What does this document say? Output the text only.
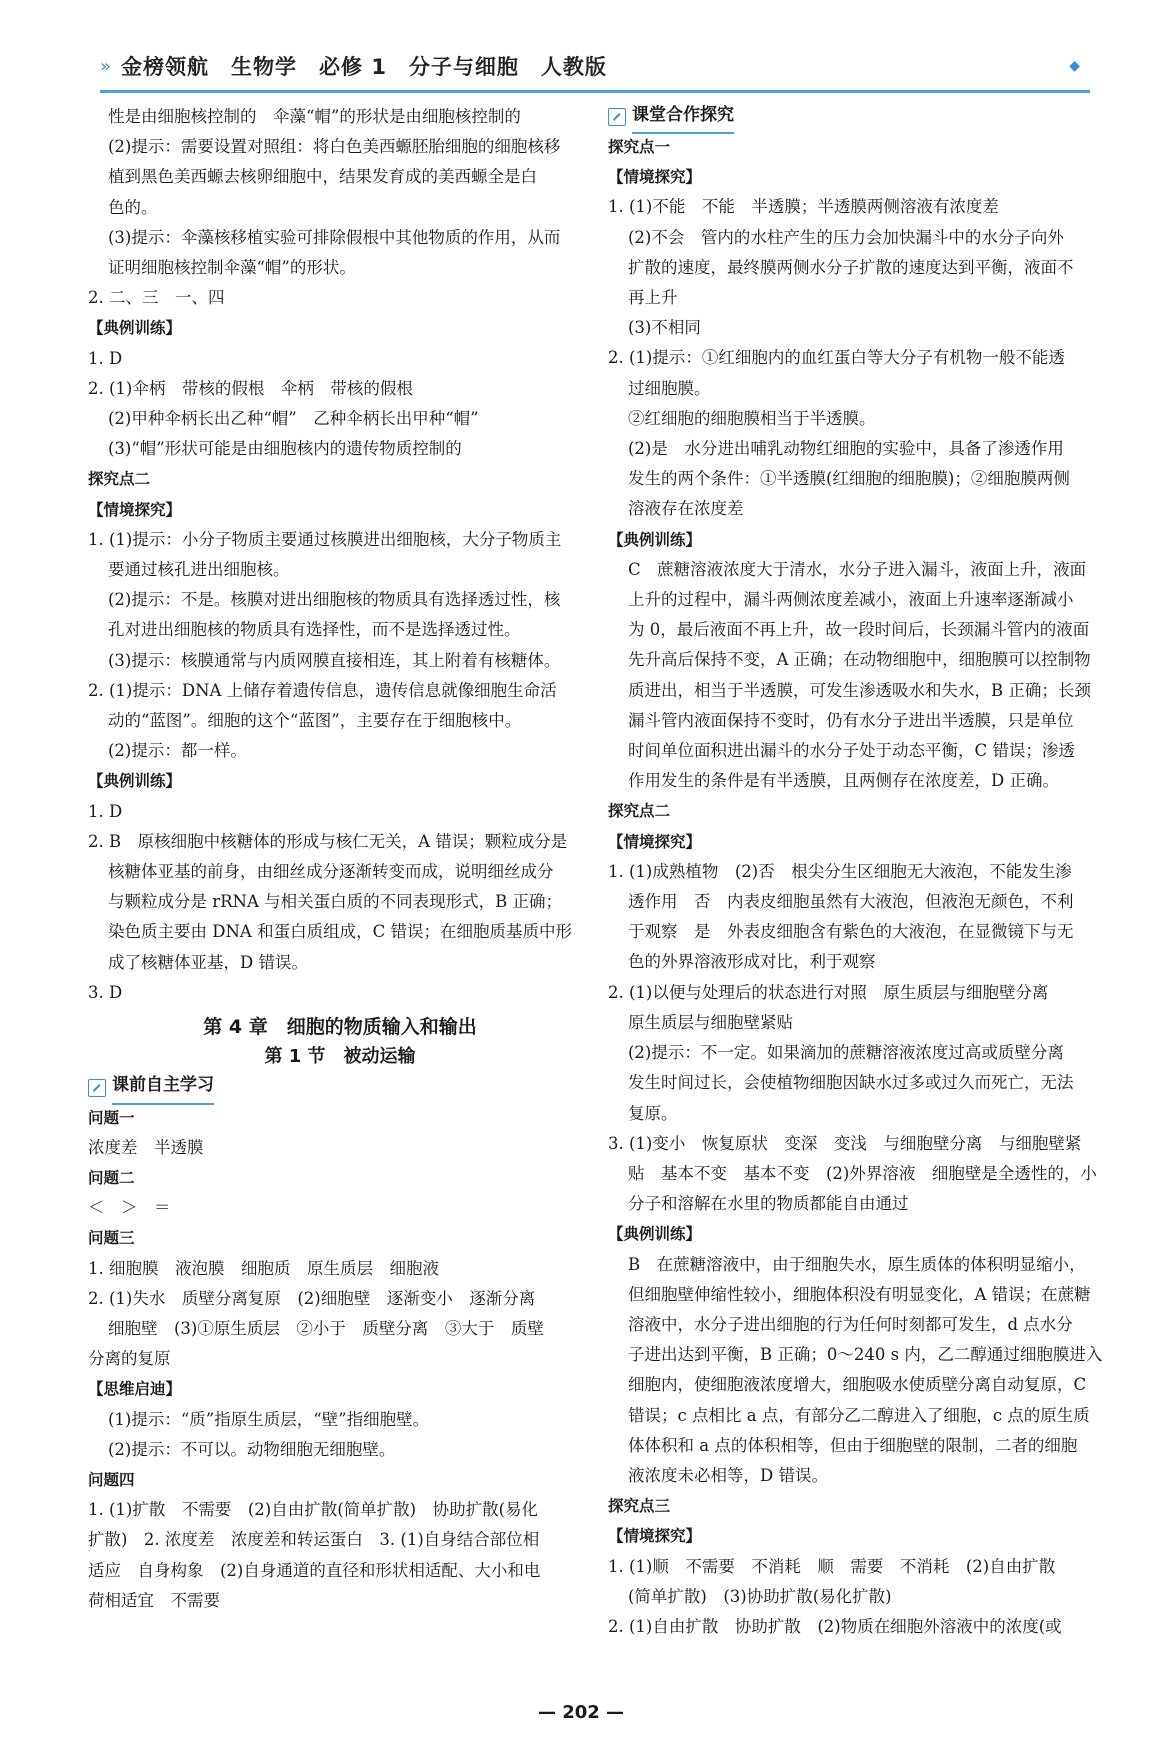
» 金榜领航　生物学　必修 1　分子与细胞　人教版	◆
性是由细胞核控制的　伞藻“帽”的形状是由细胞核控制的
(2)提示：需要设置对照组：将白色美西螈胚胎细胞的细胞核移
植到黑色美西螈去核卵细胞中，结果发育成的美西螈全是白
色的。
(3)提示：伞藻核移植实验可排除假根中其他物质的作用，从而
证明细胞核控制伞藻“帽”的形状。
2. 二、三　一、四
【典例训练】
1. D
2. (1)伞柄　带核的假根　伞柄　带核的假根
(2)甲种伞柄长出乙种“帽”　乙种伞柄长出甲种“帽”
(3)“帽”形状可能是由细胞核内的遗传物质控制的
探究点二
【情境探究】
1. (1)提示：小分子物质主要通过核膜进出细胞核，大分子物质主
要通过核孔进出细胞核。
(2)提示：不是。核膜对进出细胞核的物质具有选择透过性，核
孔对进出细胞核的物质具有选择性，而不是选择透过性。
(3)提示：核膜通常与内质网膜直接相连，其上附着有核糖体。
2. (1)提示：DNA 上储存着遗传信息，遗传信息就像细胞生命活
动的“蓝图”。细胞的这个“蓝图”，主要存在于细胞核中。
(2)提示：都一样。
【典例训练】
1. D
2. B　原核细胞中核糖体的形成与核仁无关，A 错误；颗粒成分是
核糖体亚基的前身，由细丝成分逐渐转变而成，说明细丝成分
与颗粒成分是 rRNA 与相关蛋白质的不同表现形式，B 正确；
染色质主要由 DNA 和蛋白质组成，C 错误；在细胞质基质中形
成了核糖体亚基，D 错误。
3. D
第 4 章　细胞的物质输入和输出
第 1 节　被动运输
课前自主学习
问题一
浓度差　半透膜
问题二
＜　＞　＝
问题三
1. 细胞膜　液泡膜　细胞质　原生质层　细胞液
2. (1)失水　质壁分离复原　(2)细胞壁　逐渐变小　逐渐分离
细胞壁　(3)①原生质层　②小于　质壁分离　③大于　质壁
分离的复原
【思维启迪】
(1)提示：“质”指原生质层，“壁”指细胞壁。
(2)提示：不可以。动物细胞无细胞壁。
问题四
1. (1)扩散　不需要　(2)自由扩散(简单扩散)　协助扩散(易化
扩散)　2. 浓度差　浓度差和转运蛋白　3. (1)自身结合部位相
适应　自身构象　(2)自身通道的直径和形状相适配、大小和电
荷相适宜　不需要
课堂合作探究
探究点一
【情境探究】
1. (1)不能　不能　半透膜；半透膜两侧溶液有浓度差
(2)不会　管内的水柱产生的压力会加快漏斗中的水分子向外
扩散的速度，最终膜两侧水分子扩散的速度达到平衡，液面不
再上升
(3)不相同
2. (1)提示：①红细胞内的血红蛋白等大分子有机物一般不能透
过细胞膜。
②红细胞的细胞膜相当于半透膜。
(2)是　水分进出哺乳动物红细胞的实验中，具备了渗透作用
发生的两个条件：①半透膜(红细胞的细胞膜)；②细胞膜两侧
溶液存在浓度差
【典例训练】
C　蔗糖溶液浓度大于清水，水分子进入漏斗，液面上升，液面
上升的过程中，漏斗两侧浓度差减小，液面上升速率逐渐减小
为 0，最后液面不再上升，故一段时间后，长颈漏斗管内的液面
先升高后保持不变，A 正确；在动物细胞中，细胞膜可以控制物
质进出，相当于半透膜，可发生渗透吸水和失水，B 正确；长颈
漏斗管内液面保持不变时，仍有水分子进出半透膜，只是单位
时间单位面积进出漏斗的水分子处于动态平衡，C 错误；渗透
作用发生的条件是有半透膜，且两侧存在浓度差，D 正确。
探究点二
【情境探究】
1. (1)成熟植物　(2)否　根尖分生区细胞无大液泡，不能发生渗
透作用　否　内表皮细胞虽然有大液泡，但液泡无颜色，不利
于观察　是　外表皮细胞含有紫色的大液泡，在显微镜下与无
色的外界溶液形成对比，利于观察
2. (1)以便与处理后的状态进行对照　原生质层与细胞壁分离
原生质层与细胞壁紧贴
(2)提示：不一定。如果滴加的蔗糖溶液浓度过高或质壁分离
发生时间过长，会使植物细胞因缺水过多或过久而死亡，无法
复原。
3. (1)变小　恢复原状　变深　变浅　与细胞壁分离　与细胞壁紧
贴　基本不变　基本不变　(2)外界溶液　细胞壁是全透性的，小
分子和溶解在水里的物质都能自由通过
【典例训练】
B　在蔗糖溶液中，由于细胞失水，原生质体的体积明显缩小，
但细胞壁伸缩性较小，细胞体积没有明显变化，A 错误；在蔗糖
溶液中，水分子进出细胞的行为任何时刻都可发生，d 点水分
子进出达到平衡，B 正确；0～240 s 内，乙二醇通过细胞膜进入
细胞内，使细胞液浓度增大，细胞吸水使质壁分离自动复原，C
错误；c 点相比 a 点，有部分乙二醇进入了细胞，c 点的原生质
体体积和 a 点的体积相等，但由于细胞壁的限制，二者的细胞
液浓度未必相等，D 错误。
探究点三
【情境探究】
1. (1)顺　不需要　不消耗　顺　需要　不消耗　(2)自由扩散
(简单扩散)　(3)协助扩散(易化扩散)
2. (1)自由扩散　协助扩散　(2)物质在细胞外溶液中的浓度(或
— 202 —
